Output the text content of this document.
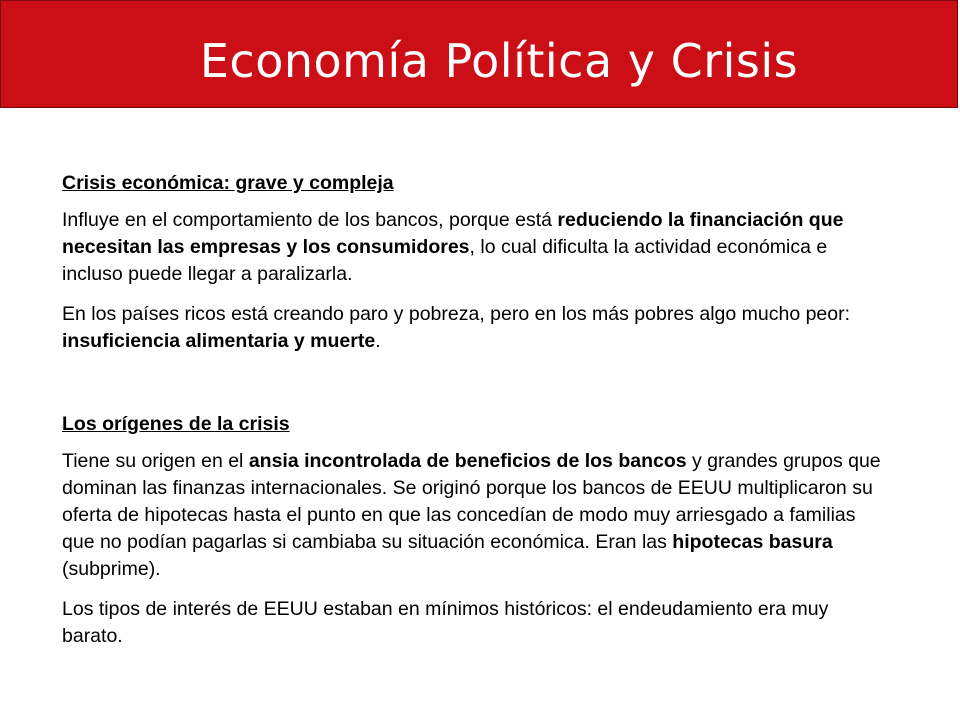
Economía Política y Crisis
Crisis económica: grave y compleja
Influye en el comportamiento de los bancos, porque está reduciendo la financiación que necesitan las empresas y los consumidores, lo cual dificulta la actividad económica e incluso puede llegar a paralizarla.
En los países ricos está creando paro y pobreza, pero en los más pobres algo mucho peor: insuficiencia alimentaria y muerte.
Los orígenes de la crisis
Tiene su origen en el ansia incontrolada de beneficios de los bancos y grandes grupos que dominan las finanzas internacionales. Se originó porque los bancos de EEUU multiplicaron su oferta de hipotecas hasta el punto en que las concedían de modo muy arriesgado a familias que no podían pagarlas si cambiaba su situación económica. Eran las hipotecas basura (subprime).
Los tipos de interés de EEUU estaban en mínimos históricos: el endeudamiento era muy barato.
